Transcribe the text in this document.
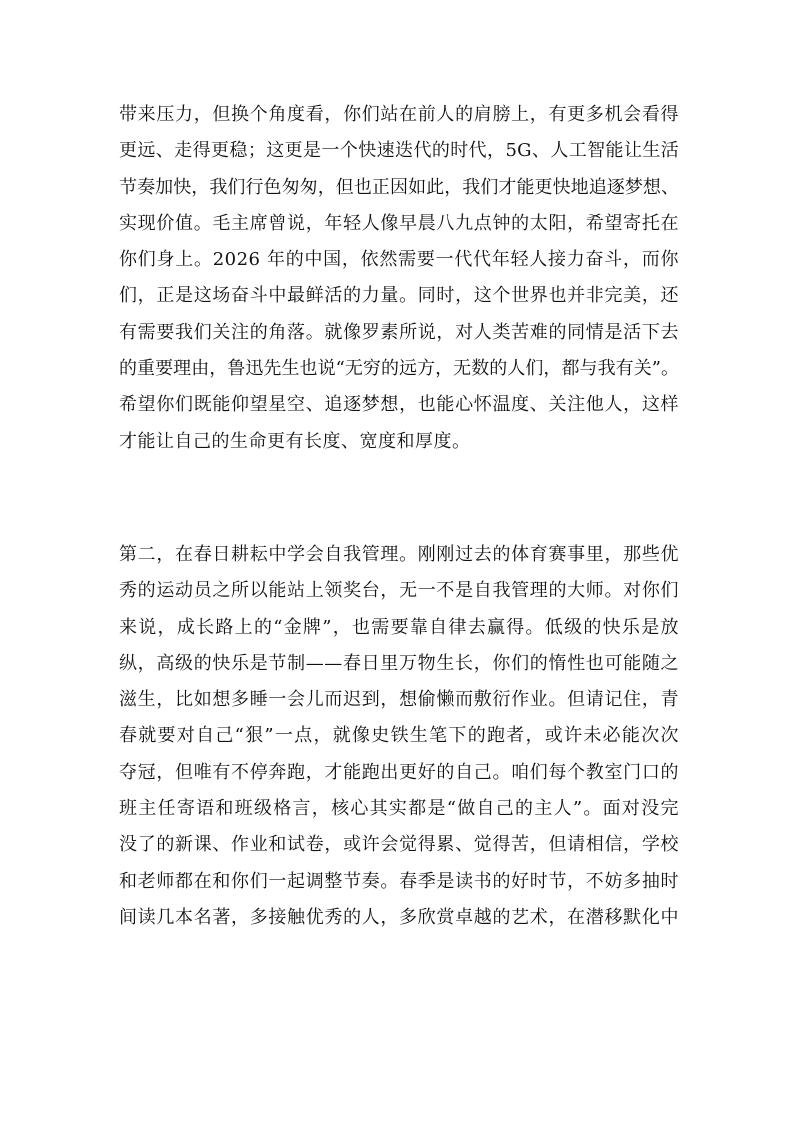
带来压力，但换个角度看，你们站在前人的肩膀上，有更多机会看得
更远、走得更稳；这更是一个快速迭代的时代，5G、人工智能让生活
节奏加快，我们行色匆匆，但也正因如此，我们才能更快地追逐梦想、
实现价值。毛主席曾说，年轻人像早晨八九点钟的太阳，希望寄托在
你们身上。2026 年的中国，依然需要一代代年轻人接力奋斗，而你
们，正是这场奋斗中最鲜活的力量。同时，这个世界也并非完美，还
有需要我们关注的角落。就像罗素所说，对人类苦难的同情是活下去
的重要理由，鲁迅先生也说“无穷的远方，无数的人们，都与我有关”。
希望你们既能仰望星空、追逐梦想，也能心怀温度、关注他人，这样
才能让自己的生命更有长度、宽度和厚度。
第二，在春日耕耘中学会自我管理。刚刚过去的体育赛事里，那些优
秀的运动员之所以能站上领奖台，无一不是自我管理的大师。对你们
来说，成长路上的“金牌”，也需要靠自律去赢得。低级的快乐是放
纵，高级的快乐是节制——春日里万物生长，你们的惰性也可能随之
滋生，比如想多睡一会儿而迟到，想偷懒而敷衍作业。但请记住，青
春就要对自己“狠”一点，就像史铁生笔下的跑者，或许未必能次次
夺冠，但唯有不停奔跑，才能跑出更好的自己。咱们每个教室门口的
班主任寄语和班级格言，核心其实都是“做自己的主人”。面对没完
没了的新课、作业和试卷，或许会觉得累、觉得苦，但请相信，学校
和老师都在和你们一起调整节奏。春季是读书的好时节，不妨多抽时
间读几本名著，多接触优秀的人，多欣赏卓越的艺术，在潜移默化中
